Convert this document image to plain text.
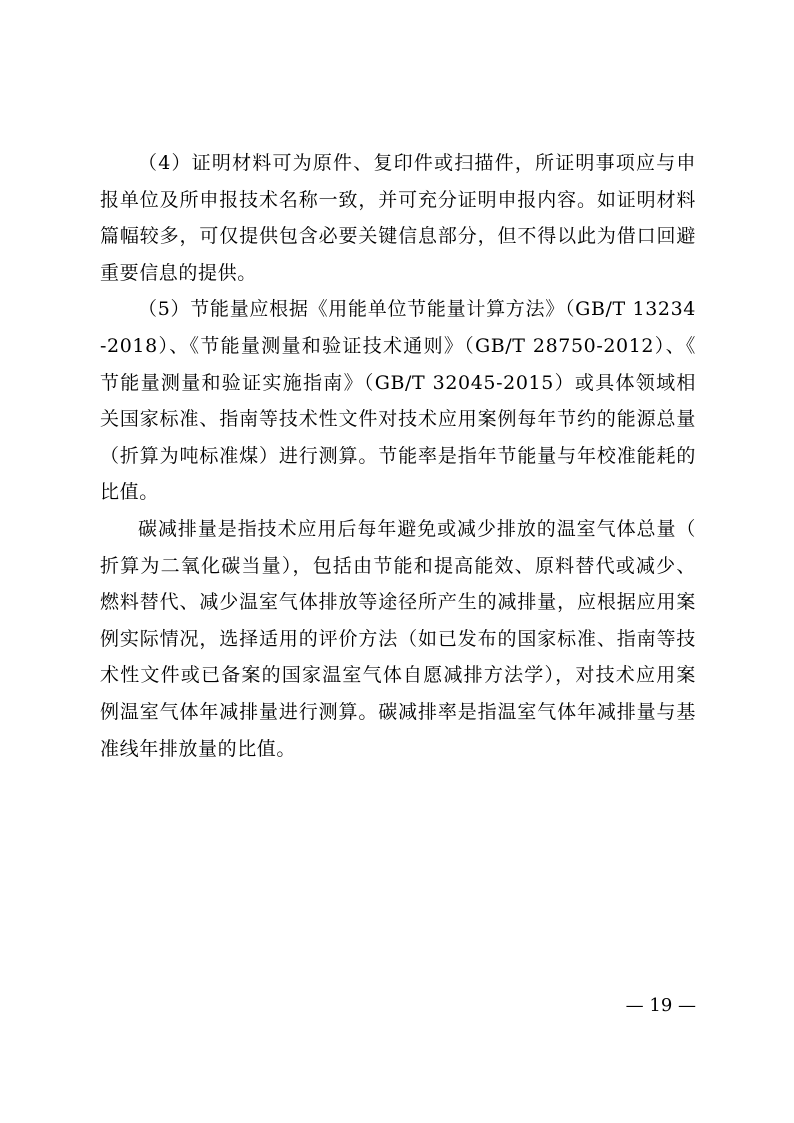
（4）证明材料可为原件、复印件或扫描件，所证明事项应与申报单位及所申报技术名称一致，并可充分证明申报内容。如证明材料篇幅较多，可仅提供包含必要关键信息部分，但不得以此为借口回避重要信息的提供。

（5）节能量应根据《用能单位节能量计算方法》（GB/T 13234-2018）、《节能量测量和验证技术通则》（GB/T 28750-2012）、《节能量测量和验证实施指南》（GB/T 32045-2015）或具体领域相关国家标准、指南等技术性文件对技术应用案例每年节约的能源总量（折算为吨标准煤）进行测算。节能率是指年节能量与年校准能耗的比值。

碳减排量是指技术应用后每年避免或减少排放的温室气体总量（折算为二氧化碳当量），包括由节能和提高能效、原料替代或减少、燃料替代、减少温室气体排放等途径所产生的减排量，应根据应用案例实际情况，选择适用的评价方法（如已发布的国家标准、指南等技术性文件或已备案的国家温室气体自愿减排方法学），对技术应用案例温室气体年减排量进行测算。碳减排率是指温室气体年减排量与基准线年排放量的比值。

— 19 —
